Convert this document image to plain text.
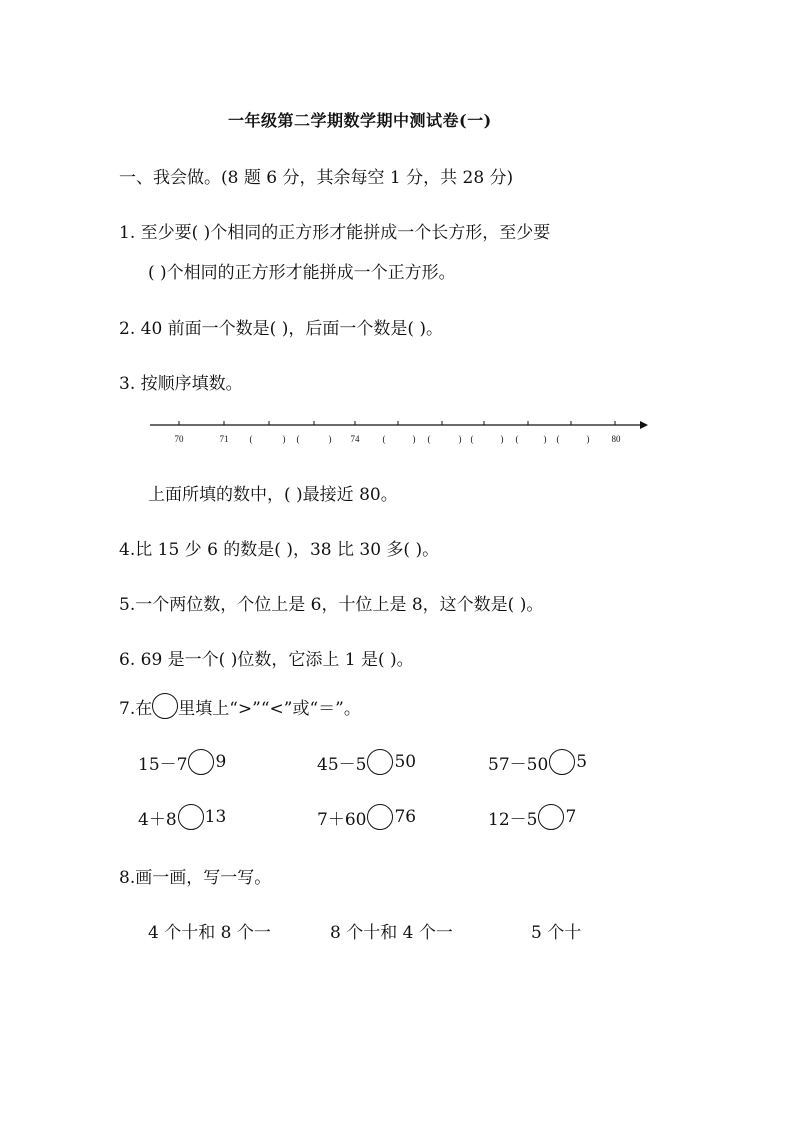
一年级第二学期数学期中测试卷(一)
一、我会做。(8 题 6 分，其余每空 1 分，共 28 分)
1. 至少要( )个相同的正方形才能拼成一个长方形，至少要
( )个相同的正方形才能拼成一个正方形。
2. 40 前面一个数是( )，后面一个数是( )。
3. 按顺序填数。
70	71 (	) (	) 74	(	) (	) (	) (	) (	) 80
上面所填的数中，( )最接近 80。
4.比 15 少 6 的数是( )，38 比 30 多( )。
5.一个两位数，个位上是 6，十位上是 8，这个数是( )。
6. 69 是一个( )位数，它添上 1 是( )。
7.在 里填上“>”“<”或“＝”。
15－7 9	45－5 50	57－50 5
4＋8 13	7＋60 76	12－5 7
8.画一画，写一写。
4 个十和 8 个一	8 个十和 4 个一	5 个十
